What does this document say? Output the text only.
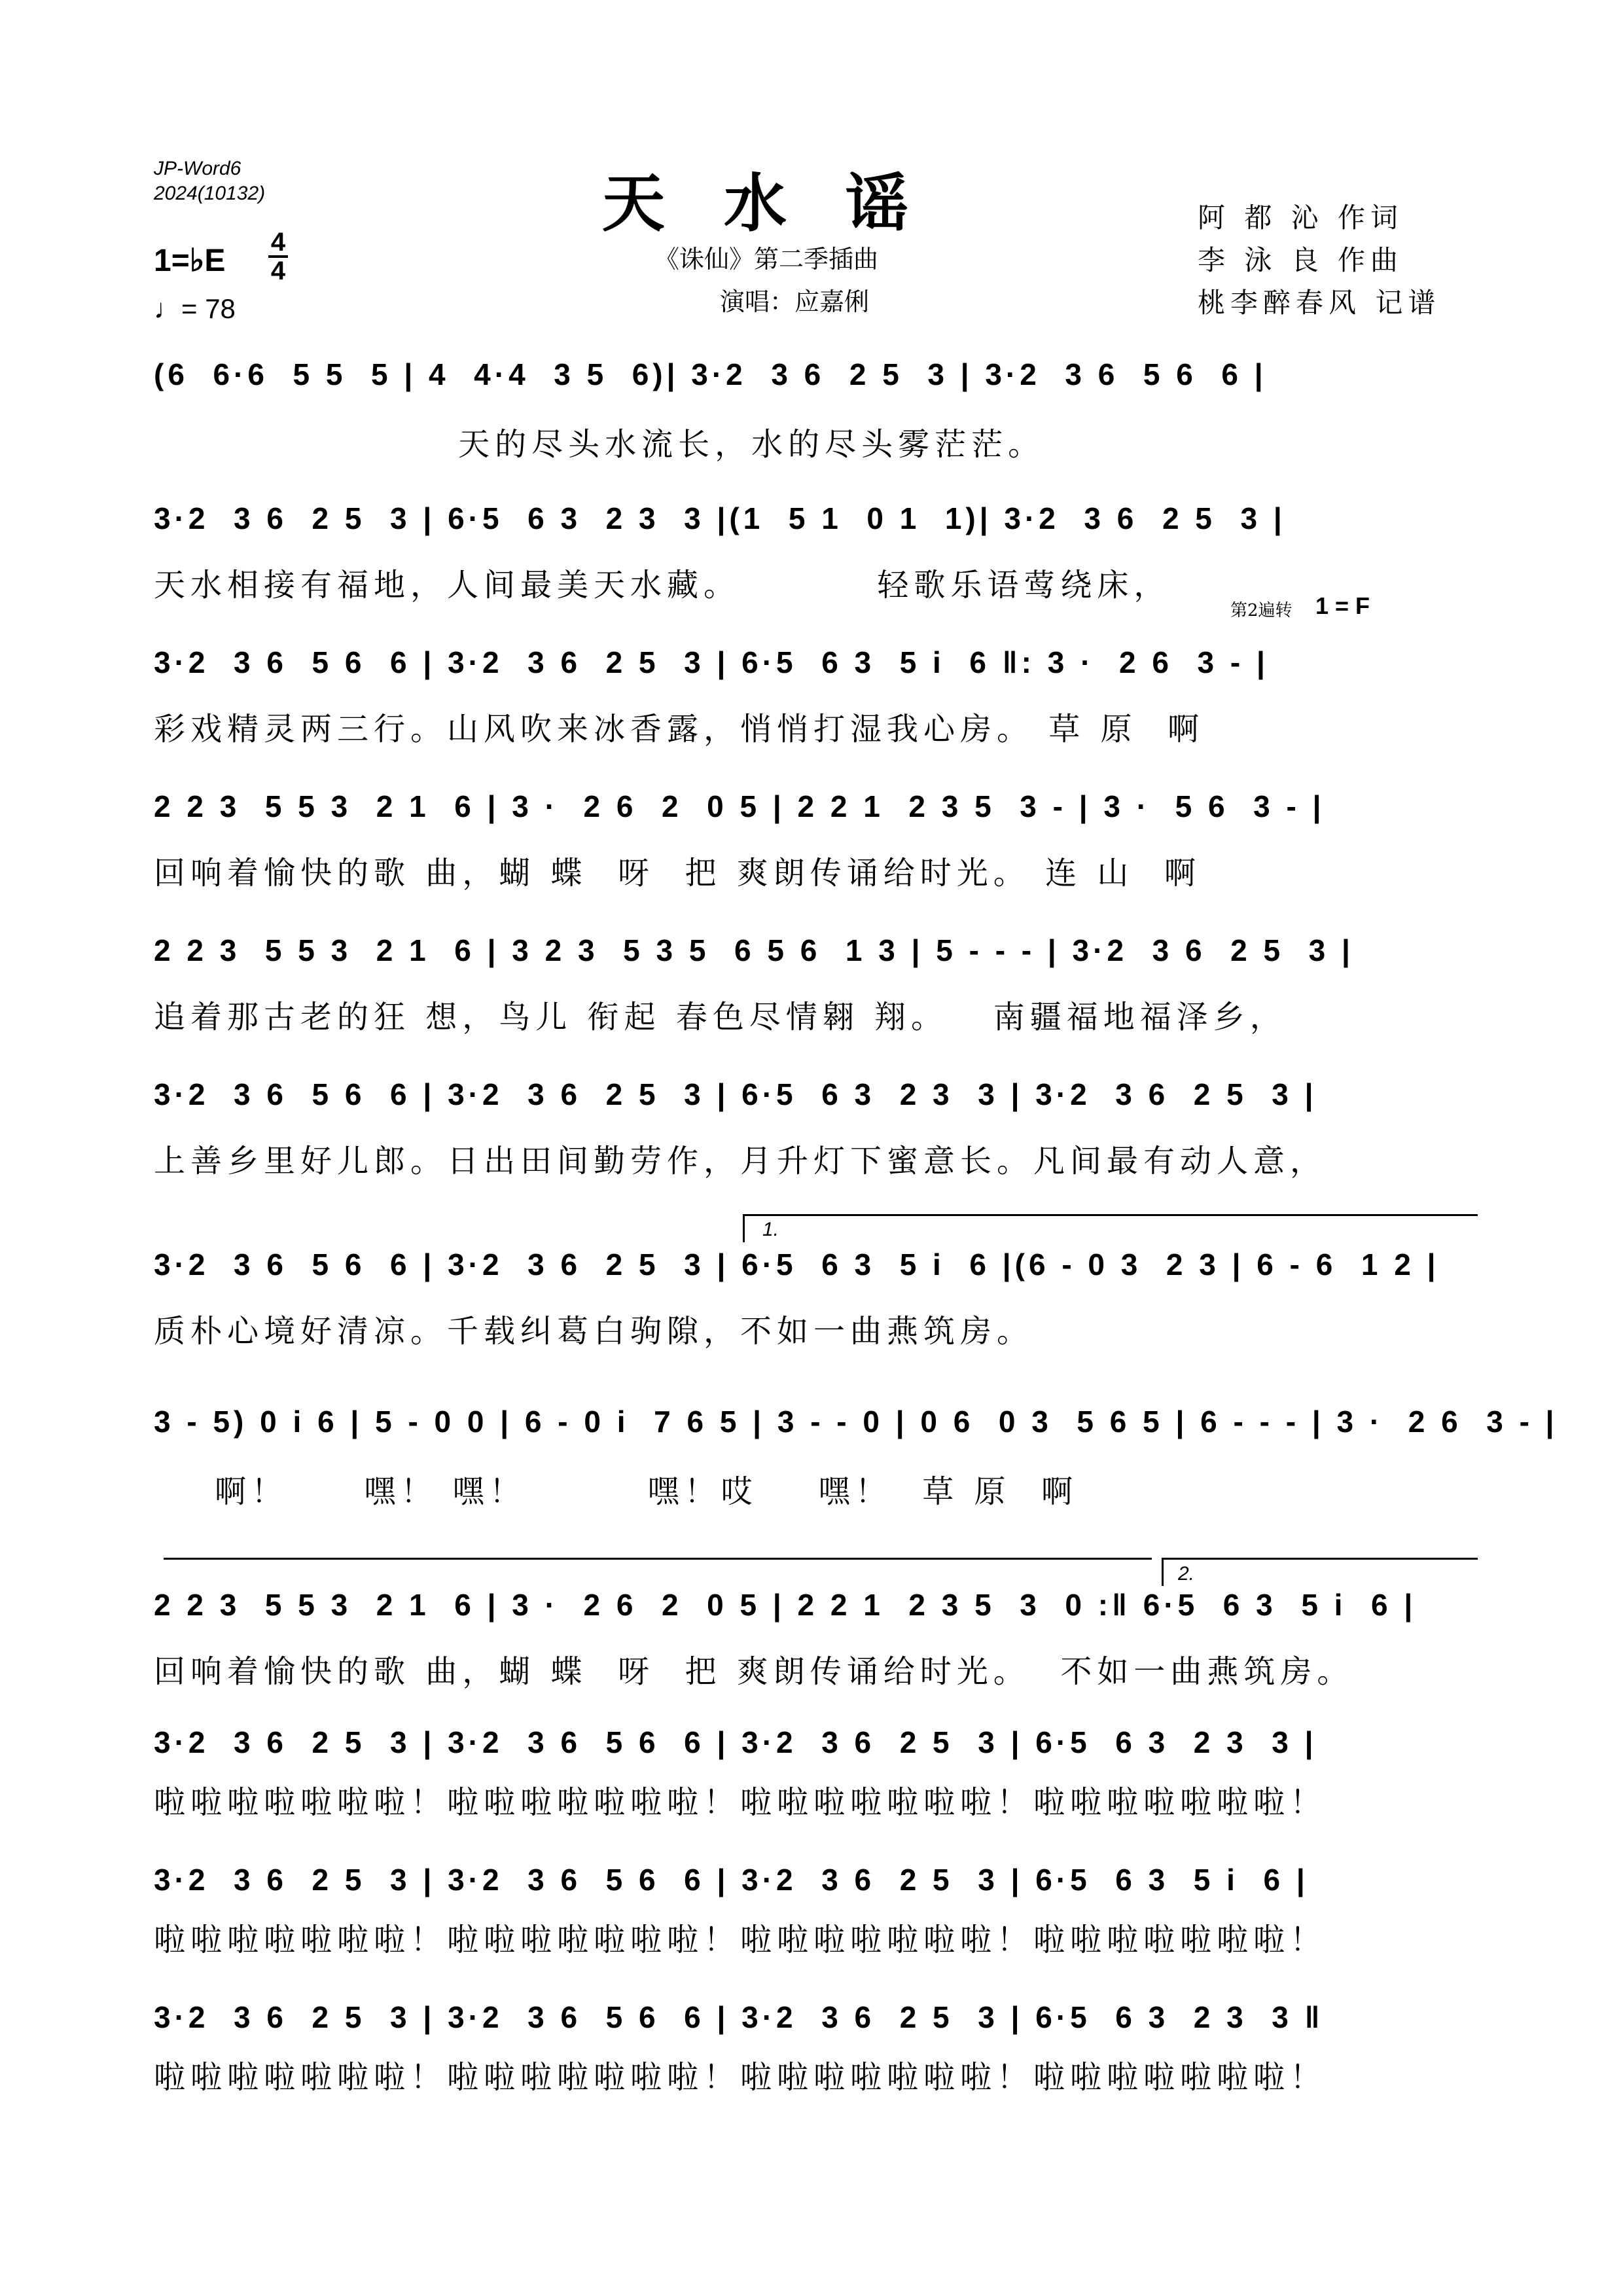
JP-Word6
2024(10132)	天水谣
《诛仙》第二季插曲
演唱：应嘉俐
阿 都 沁 作词
李 泳 良 作曲
桃李醉春风 记谱
1=♭E
4
4
♩= 78
第2遍转 1 = F
1.
2.
(6  6·6  5 5  5 | 4  4·4  3 5  6)| 3·2  3 6  2 5  3 | 3·2  3 6  5 6  6 |
天的尽头水流长，水的尽头雾茫茫。
3·2  3 6  2 5  3 | 6·5  6 3  2 3  3 |(1  5 1  0 1  1)| 3·2  3 6  2 5  3 |
天水相接有福地，人间最美天水藏。         轻歌乐语莺绕床，
3·2  3 6  5 6  6 | 3·2  3 6  2 5  3 | 6·5  6 3  5 i  6 ‖: 3 ·  2 6  3 - |
彩戏精灵两三行。山风吹来冰香露，悄悄打湿我心房。 草 原  啊
2 2 3  5 5 3  2 1  6 | 3 ·  2 6  2  0 5 | 2 2 1  2 3 5  3 - | 3 ·  5 6  3 - |
回响着愉快的歌 曲，蝴 蝶  呀  把 爽朗传诵给时光。 连 山  啊
2 2 3  5 5 3  2 1  6 | 3 2 3  5 3 5  6 5 6  1 3 | 5 - - - | 3·2  3 6  2 5  3 |
追着那古老的狂 想，鸟儿 衔起 春色尽情翱 翔。   南疆福地福泽乡，
3·2  3 6  5 6  6 | 3·2  3 6  2 5  3 | 6·5  6 3  2 3  3 | 3·2  3 6  2 5  3 |
上善乡里好儿郎。日出田间勤劳作，月升灯下蜜意长。凡间最有动人意，
3·2  3 6  5 6  6 | 3·2  3 6  2 5  3 | 6·5  6 3  5 i  6 |(6 - 0 3  2 3 | 6 - 6  1 2 |
质朴心境好清凉。千载纠葛白驹隙，不如一曲燕筑房。
3 - 5) 0 i 6 | 5 - 0 0 | 6 - 0 i  7 6 5 | 3 - - 0 | 0 6  0 3  5 6 5 | 6 - - - | 3 ·  2 6  3 - |
啊！     嘿！ 嘿！        嘿！哎    嘿！  草 原  啊
2 2 3  5 5 3  2 1  6 | 3 ·  2 6  2  0 5 | 2 2 1  2 3 5  3  0 :‖ 6·5  6 3  5 i  6 |
回响着愉快的歌 曲，蝴 蝶  呀  把 爽朗传诵给时光。  不如一曲燕筑房。
3·2  3 6  2 5  3 | 3·2  3 6  5 6  6 | 3·2  3 6  2 5  3 | 6·5  6 3  2 3  3 |
啦啦啦啦啦啦啦！啦啦啦啦啦啦啦！啦啦啦啦啦啦啦！啦啦啦啦啦啦啦！
3·2  3 6  2 5  3 | 3·2  3 6  5 6  6 | 3·2  3 6  2 5  3 | 6·5  6 3  5 i  6 |
啦啦啦啦啦啦啦！啦啦啦啦啦啦啦！啦啦啦啦啦啦啦！啦啦啦啦啦啦啦！
3·2  3 6  2 5  3 | 3·2  3 6  5 6  6 | 3·2  3 6  2 5  3 | 6·5  6 3  2 3  3 ‖
啦啦啦啦啦啦啦！啦啦啦啦啦啦啦！啦啦啦啦啦啦啦！啦啦啦啦啦啦啦！
